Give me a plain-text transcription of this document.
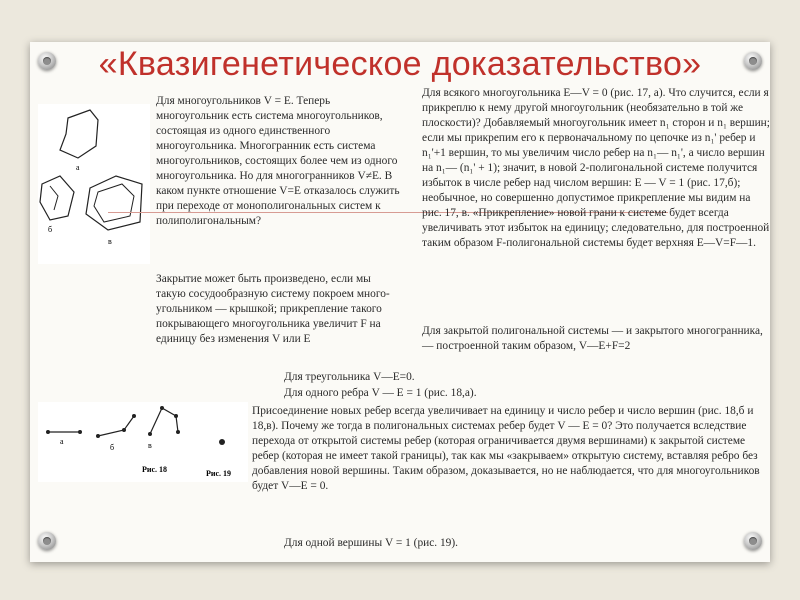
«Квазигенетическое доказательство»
а
б
в
Для многоугольников V = E. Теперь многоугольник есть система многоугольников, состоящая из одного единственного многоугольника. Многогранник есть система многоугольников, состоящих более чем из одного многоугольника. Но для многогранников V≠E. В каком пункте отношение V=E отказалось служить при переходе от монополигональных систем к полиполигональным?
Закрытие может быть произведено, если мы такую сосудообразную систему покроем много-угольником — крышкой; прикрепление такого покрывающего многоугольника увеличит F на единицу без изменения V или E
Для всякого многоугольника E—V = 0 (рис. 17, а). Что случится, если я прикреплю к нему другой многоугольник (необязательно в той же плоскости)? Добавляемый многоугольник имеет n₁ сторон и n₁ вершин; если мы прикрепим его к первоначальному по цепочке из n₁' ребер и n₁'+1 вершин, то мы увеличим число ребер на n₁— n₁', а число вершин на n₁— (n₁' + 1); значит, в новой 2-полигональной системе получится избыток в числе ребер над числом вершин: E — V = 1 (рис. 17,б); необычное, но совершенно допустимое прикрепление мы видим на рис. 17, в. «Прикрепление» новой грани к системе будет всегда увеличивать этот избыток на единицу; следовательно, для построенной таким образом F-полигональной системы будет верхняя E—V=F—1.
Для закрытой полигональной системы — и закрытого многогранника,— построенной таким образом, V—E+F=2
Для треугольника V—E=0.
Для одного ребра V — E = 1 (рис. 18,а).
а
б	в
Рис. 18	Рис. 19
Присоединение новых ребер всегда увеличивает на единицу и число ребер и число вершин (рис. 18,б и 18,в). Почему же тогда в полигональных системах ребер будет V — E = 0? Это получается вследствие перехода от открытой системы ребер (которая ограничивается двумя вершинами) к закрытой системе ребер (которая не имеет такой границы), так как мы «закрываем» открытую систему, вставляя ребро без добавления новой вершины. Таким образом, доказывается, но не наблюдается, что для многоугольников будет V—E = 0.
Для одной вершины V = 1 (рис. 19).
